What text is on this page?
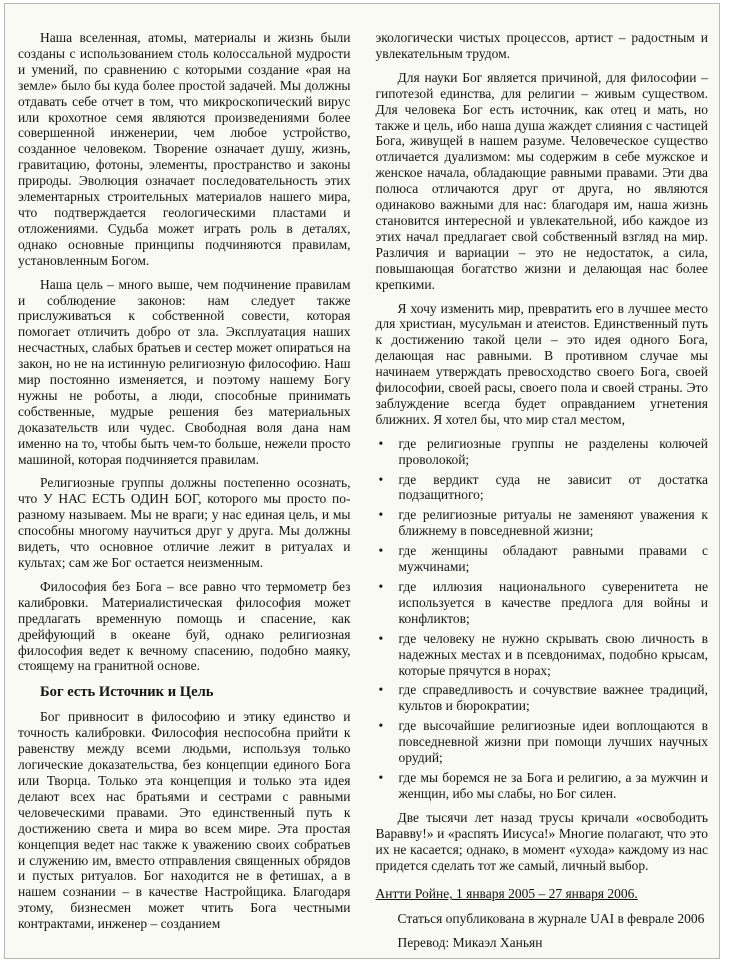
Наша вселенная, атомы, материалы и жизнь были созданы с использованием столь колоссальной мудрости и умений, по сравнению с которыми создание «рая на земле» было бы куда более простой задачей. Мы должны отдавать себе отчет в том, что микроскопический вирус или крохотное семя являются произведениями более совершенной инженерии, чем любое устройство, созданное человеком. Творение означает душу, жизнь, гравитацию, фотоны, элементы, пространство и законы природы. Эволюция означает последовательность этих элементарных строительных материалов нашего мира, что подтверждается геологическими пластами и отложениями. Судьба может играть роль в деталях, однако основные принципы подчиняются правилам, установленным Богом.

Наша цель – много выше, чем подчинение правилам и соблюдение законов: нам следует также прислуживаться к собственной совести, которая помогает отличить добро от зла. Эксплуатация наших несчастных, слабых братьев и сестер может опираться на закон, но не на истинную религиозную философию. Наш мир постоянно изменяется, и поэтому нашему Богу нужны не роботы, а люди, способные принимать собственные, мудрые решения без материальных доказательств или чудес. Свободная воля дана нам именно на то, чтобы быть чем-то больше, нежели просто машиной, которая подчиняется правилам.

Религиозные группы должны постепенно осознать, что У НАС ЕСТЬ ОДИН БОГ, которого мы просто по-разному называем. Мы не враги; у нас единая цель, и мы способны многому научиться друг у друга. Мы должны видеть, что основное отличие лежит в ритуалах и культах; сам же Бог остается неизменным.

Философия без Бога – все равно что термометр без калибровки. Материалистическая философия может предлагать временную помощь и спасение, как дрейфующий в океане буй, однако религиозная философия ведет к вечному спасению, подобно маяку, стоящему на гранитной основе.

Бог есть Источник и Цель

Бог привносит в философию и этику единство и точность калибровки. Философия неспособна прийти к равенству между всеми людьми, используя только логические доказательства, без концепции единого Бога или Творца. Только эта концепция и только эта идея делают всех нас братьями и сестрами с равными человеческими правами. Это единственный путь к достижению света и мира во всем мире. Эта простая концепция ведет нас также к уважению своих собратьев и служению им, вместо отправления священных обрядов и пустых ритуалов. Бог находится не в фетишах, а в нашем сознании – в качестве Настройщика. Благодаря этому, бизнесмен может чтить Бога честными контрактами, инженер – созданием

экологически чистых процессов, артист – радостным и увлекательным трудом.

Для науки Бог является причиной, для философии – гипотезой единства, для религии – живым существом. Для человека Бог есть источник, как отец и мать, но также и цель, ибо наша душа жаждет слияния с частицей Бога, живущей в нашем разуме. Человеческое существо отличается дуализмом: мы содержим в себе мужское и женское начала, обладающие равными правами. Эти два полюса отличаются друг от друга, но являются одинаково важными для нас: благодаря им, наша жизнь становится интересной и увлекательной, ибо каждое из этих начал предлагает свой собственный взгляд на мир. Различия и вариации – это не недостаток, а сила, повышающая богатство жизни и делающая нас более крепкими.

Я хочу изменить мир, превратить его в лучшее место для христиан, мусульман и атеистов. Единственный путь к достижению такой цели – это идея одного Бога, делающая нас равными. В противном случае мы начинаем утверждать превосходство своего Бога, своей философии, своей расы, своего пола и своей страны. Это заблуждение всегда будет оправданием угнетения ближних. Я хотел бы, что мир стал местом,

• где религиозные группы не разделены колючей проволокой;
• где вердикт суда не зависит от достатка подзащитного;
• где религиозные ритуалы не заменяют уважения к ближнему в повседневной жизни;
• где женщины обладают равными правами с мужчинами;
• где иллюзия национального суверенитета не используется в качестве предлога для войны и конфликтов;
• где человеку не нужно скрывать свою личность в надежных местах и в псевдонимах, подобно крысам, которые прячутся в норах;
• где справедливость и сочувствие важнее традиций, культов и бюрократии;
• где высочайшие религиозные идеи воплощаются в повседневной жизни при помощи лучших научных орудий;
• где мы боремся не за Бога и религию, а за мужчин и женщин, ибо мы слабы, но Бог силен.

Две тысячи лет назад трусы кричали «освободить Варавву!» и «распять Иисуса!» Многие полагают, что это их не касается; однако, в момент «ухода» каждому из нас придется сделать тот же самый, личный выбор.

Антти Ройне, 1 января 2005 – 27 января 2006.

Статься опубликована в журнале UAI в феврале 2006

Перевод: Микаэл Ханьян
